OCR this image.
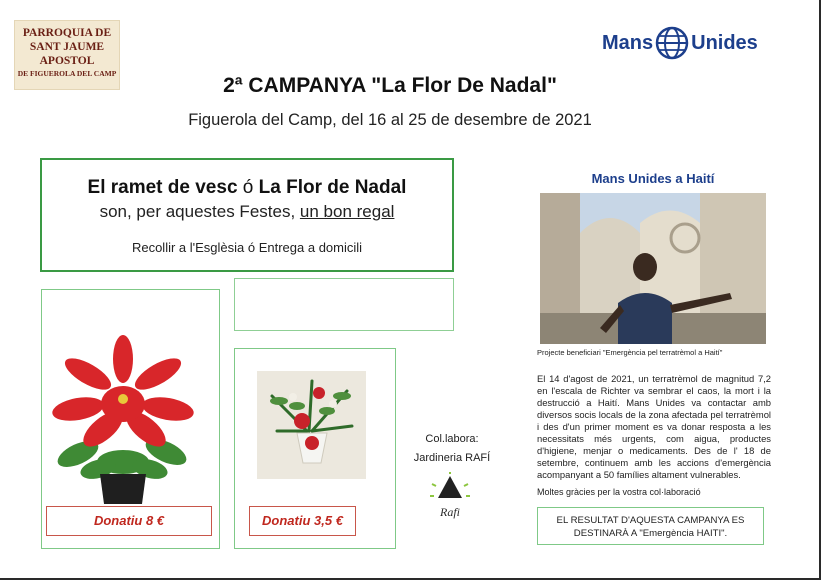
PARROQUIA DE
SANT JAUME
APOSTOL
DE FIGUEROLA DEL CAMP
Mans Unides
2ª CAMPANYA "La Flor De Nadal"
Figuerola del Camp, del 16 al 25 de desembre de 2021
El ramet de vesc ó La Flor de Nadal
son, per aquestes Festes, un bon regal
Recollir a l'Esglèsia ó Entrega a domicili
Donatiu 8 €	Donatiu 3,5 €
Col.labora:
Jardineria RAFÍ
Rafi
Mans Unides a Haití
Projecte beneficiari "Emergència pel terratrèmol a Haití"
El 14 d'agost de 2021, un terratrèmol de magnitud 7,2 en l'escala de Richter va sembrar el caos, la mort i la destrucció a Haití. Mans Unides va contactar amb diversos socis locals de la zona afectada pel terratrèmol i des d'un primer moment es va donar resposta a les necessitats més urgents, com aigua, productes d'higiene, menjar o medicaments. Des de l' 18 de setembre, continuem amb les accions d'emergència acompanyant a 50 famílies altament vulnerables.
Moltes gràcies per la vostra col·laboració
EL RESULTAT D'AQUESTA CAMPANYA ES
DESTINARÀ A "Emergència HAITI".
